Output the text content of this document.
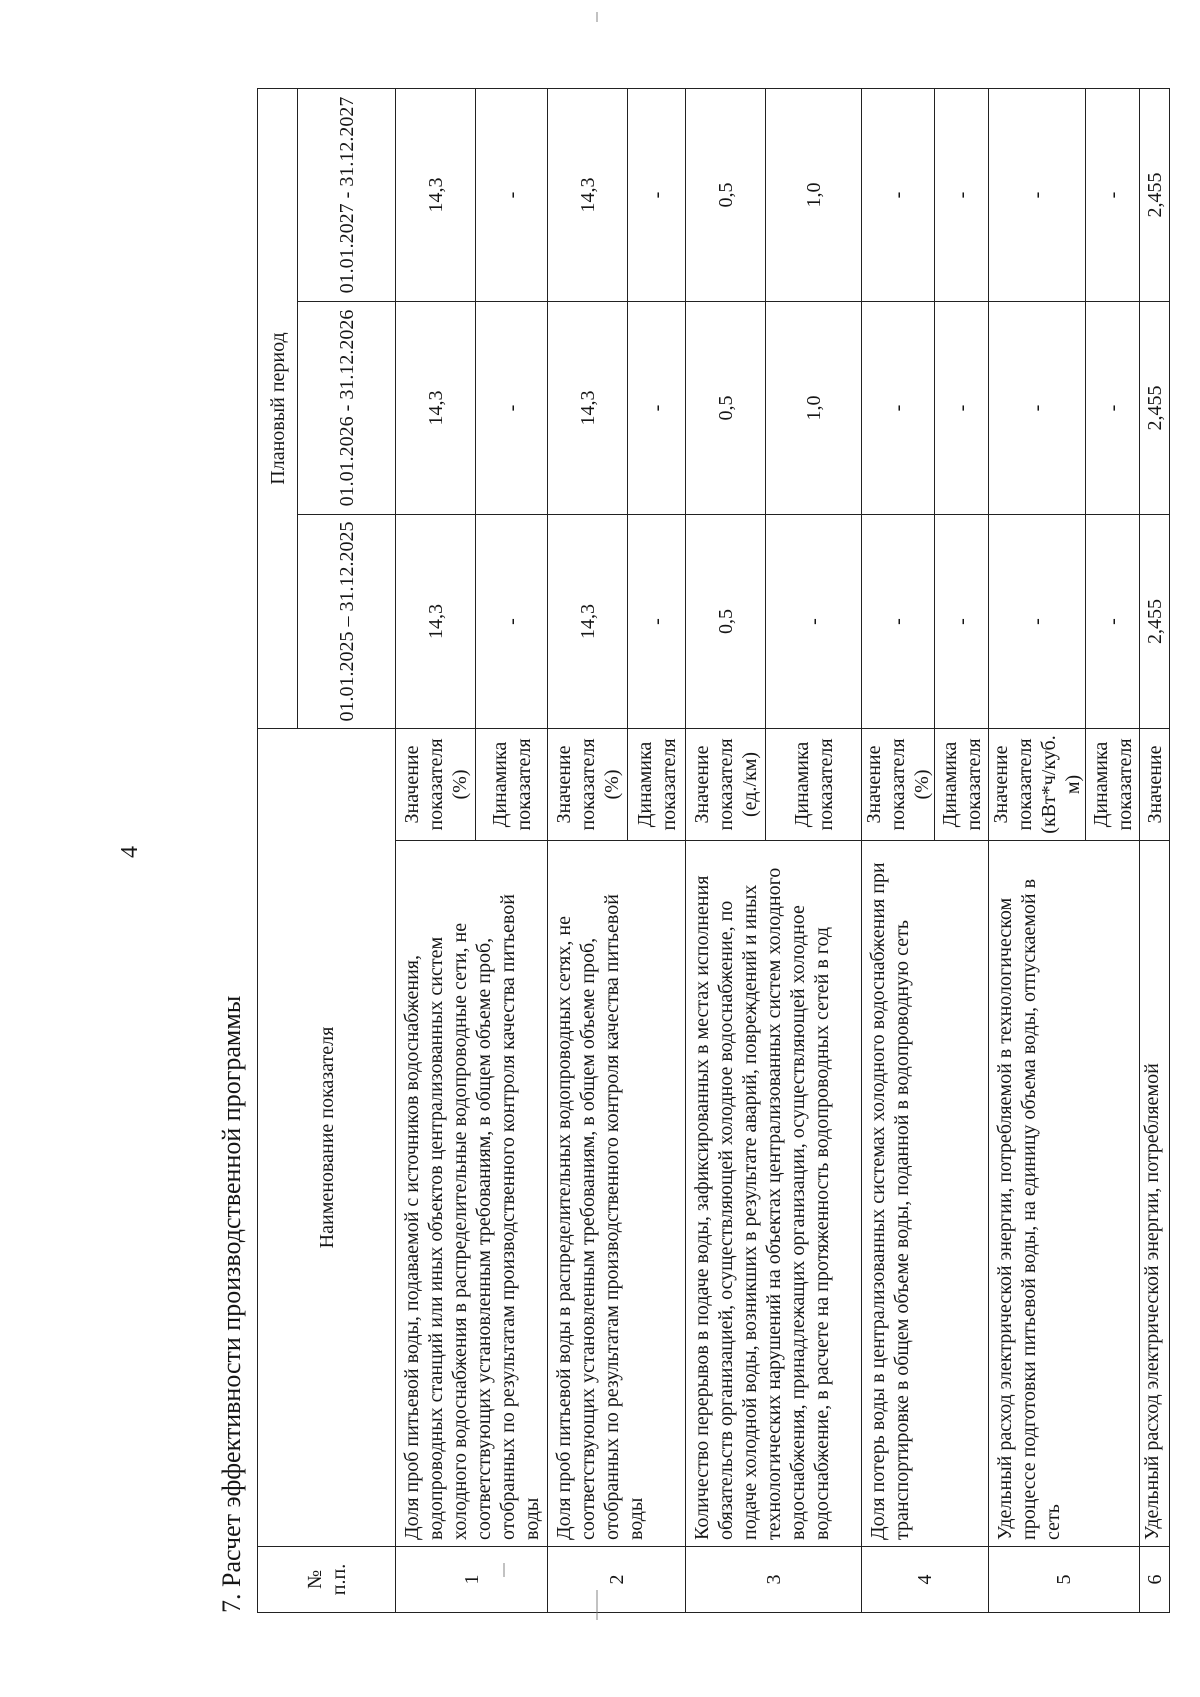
4
7. Расчет эффективности производственной программы	№ п.п.	Наименование показателя		Плановый период		
			01.01.2025 – 31.12.2025	01.01.2026 - 31.12.2026	01.01.2027 - 31.12.2027
1	Доля проб питьевой воды, подаваемой с источников водоснабжения, водопроводных станций или иных объектов централизованных систем холодного водоснабжения в распределительные водопроводные сети, не соответствующих установленным требованиям, в общем объеме проб, отобранных по результатам производственного контроля качества питьевой воды	Значение показателя (%)	14,3	14,3	14,3
		Динамика показателя	-	-	-
2	Доля проб питьевой воды в распределительных водопроводных сетях, не соответствующих установленным требованиям, в общем объеме проб, отобранных по результатам производственного контроля качества питьевой воды	Значение показателя (%)	14,3	14,3	14,3
		Динамика показателя	-	-	-
3	Количество перерывов в подаче воды, зафиксированных в местах исполнения обязательств организацией, осуществляющей холодное водоснабжение, по подаче холодной воды, возникших в результате аварий, повреждений и иных технологических нарушений на объектах централизованных систем холодного водоснабжения, принадлежащих организации, осуществляющей холодное водоснабжение, в расчете на протяженность водопроводных сетей в год	Значение показателя (ед./км)	0,5	0,5	0,5
		Динамика показателя	-	1,0	1,0
4	Доля потерь воды в централизованных системах холодного водоснабжения при транспортировке в общем объеме воды, поданной в водопроводную сеть	Значение показателя (%)	-	-	-
		Динамика показателя	-	-	-
5	Удельный расход электрической энергии, потребляемой в технологическом процессе подготовки питьевой воды, на единицу объема воды, отпускаемой в сеть	Значение показателя (кВт*ч/куб. м)	-	-	-
		Динамика показателя	-	-	-
6	Удельный расход электрической энергии, потребляемой	Значение	2,455	2,455	2,455
